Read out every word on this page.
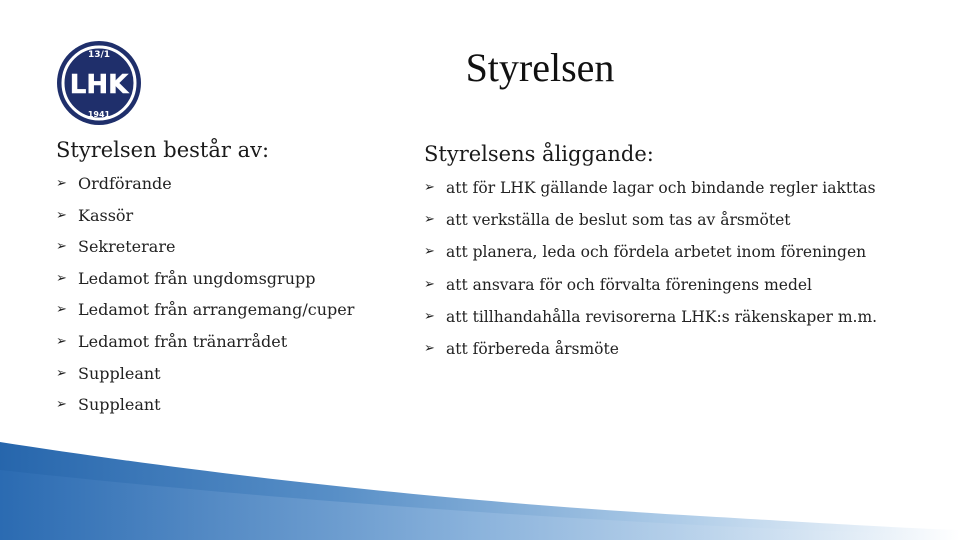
13/1
LHK
1941
Styrelsen
Styrelsen består av:
➢ Ordförande
➢ Kassör
➢ Sekreterare
➢ Ledamot från ungdomsgrupp
➢ Ledamot från arrangemang/cuper
➢ Ledamot från tränarrådet
➢ Suppleant
➢ Suppleant
Styrelsens åliggande:
➢ att för LHK gällande lagar och bindande regler iakttas
➢ att verkställa de beslut som tas av årsmötet
➢ att planera, leda och fördela arbetet inom föreningen
➢ att ansvara för och förvalta föreningens medel
➢ att tillhandahålla revisorerna LHK:s räkenskaper m.m.
➢ att förbereda årsmöte
